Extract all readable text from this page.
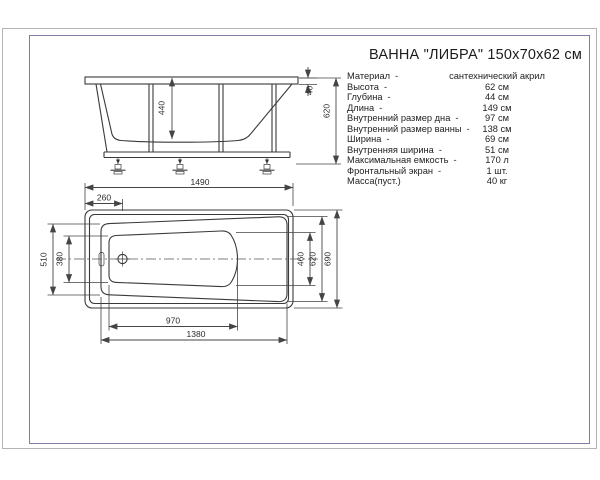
ВАННА "ЛИБРА" 150х70х62 см
Материал -	сантехнический акрил
Высота -	62 см
Глубина -	44 см
Длина -	149 см
Внутренний размер дна -	97 см
Внутренний размер ванны -	138 см
Ширина -	69 см
Внутренняя ширина -	51 см
Максимальная емкость -	170 л
Фронтальный экран -	1 шт.
Масса(пуст.)	40 кг
440
40
620
1490
260
510 380	460 620 690
970
1380
